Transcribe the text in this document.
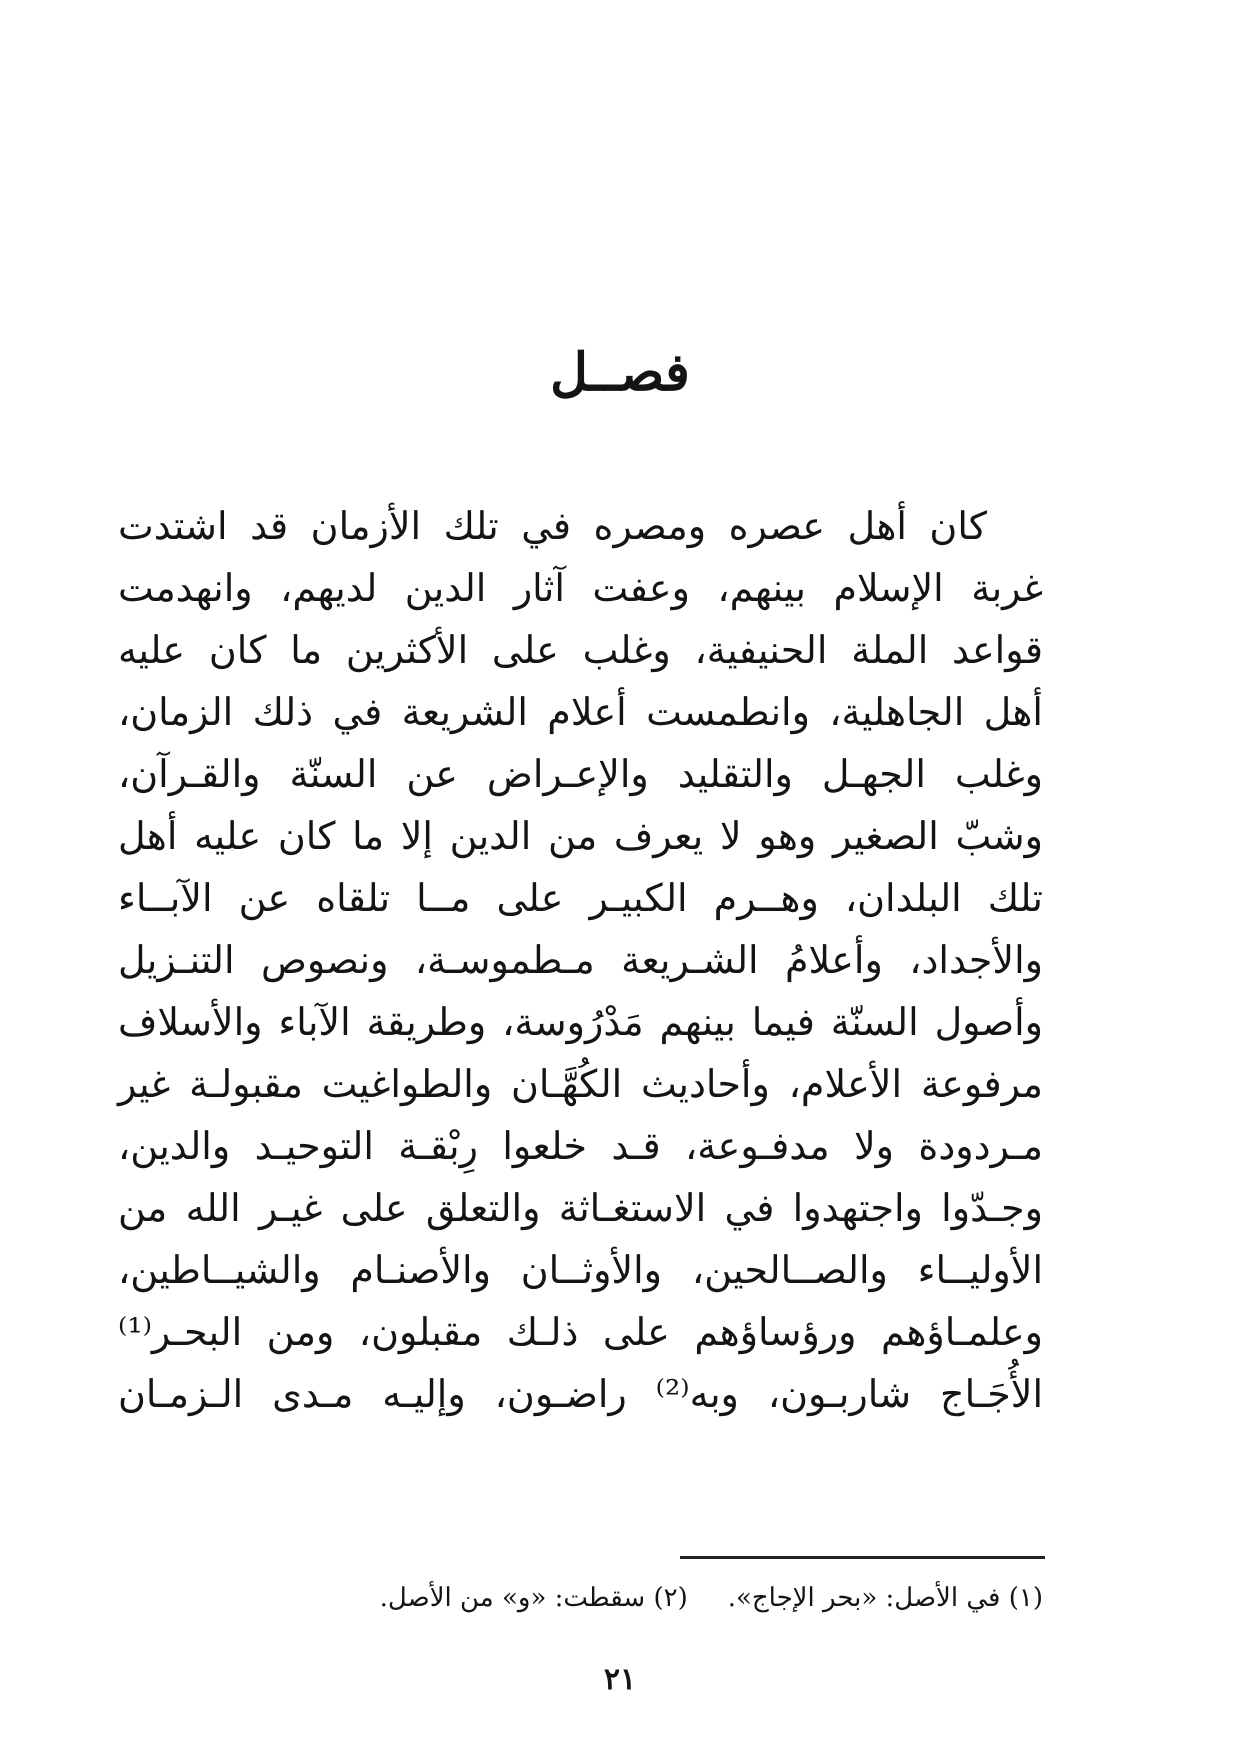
فصــل
كان أهل عصره ومصره في تلك الأزمان قد اشتدت
غربة الإسلام بينهم، وعفت آثار الدين لديهم، وانهدمت
قواعد الملة الحنيفية، وغلب على الأكثرين ما كان عليه
أهل الجاهلية، وانطمست أعلام الشريعة في ذلك الزمان،
وغلب الجهـل والتقليد والإعـراض عن السنّة والقـرآن،
وشبّ الصغير وهو لا يعرف من الدين إلا ما كان عليه أهل
تلك البلدان، وهــرم الكبيـر على مــا تلقاه عن الآبــاء
والأجداد، وأعلامُ الشـريعة مـطموسـة، ونصوص التنـزيل
وأصول السنّة فيما بينهم مَدْرُوسة، وطريقة الآباء والأسلاف
مرفوعة الأعلام، وأحاديث الكُهَّـان والطواغيت مقبولـة غير
مـردودة ولا مدفـوعة، قـد خلعوا رِبْقـة التوحيـد والدين،
وجـدّوا واجتهدوا في الاستغـاثة والتعلق على غيـر الله من
الأوليــاء والصــالحين، والأوثــان والأصنـام والشيــاطين،
وعلمـاؤهم ورؤساؤهم على ذلـك مقبلون، ومن البحـر⁽¹⁾
الأُجَـاج شاربـون، وبه⁽²⁾ راضـون، وإليـه مـدى الـزمـان
(١) في الأصل: «بحر الإجاج».(٢) سقطت: «و» من الأصل.
٢١
